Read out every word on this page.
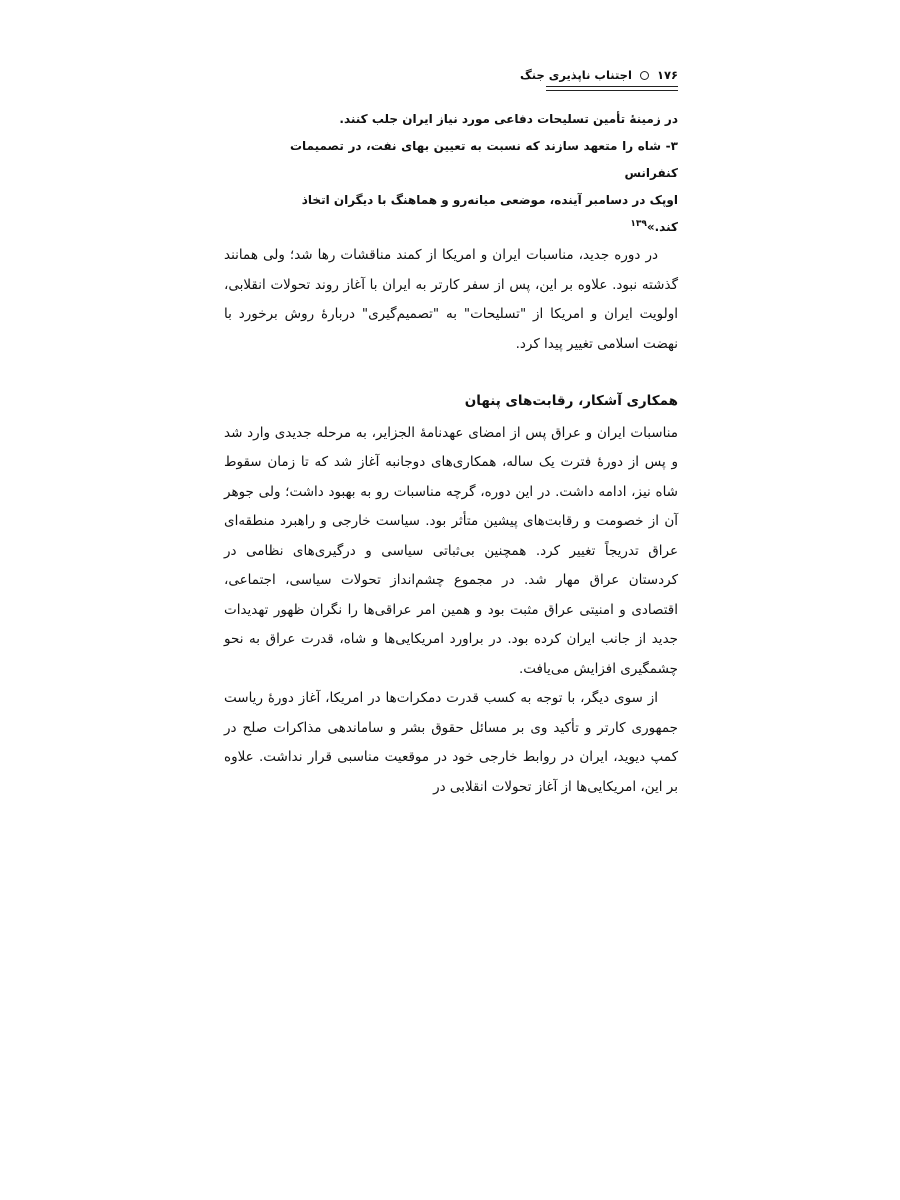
۱۷۶  اجتناب ناپذیری جنگ

در زمینهٔ تأمین تسلیحات دفاعی مورد نیاز ایران جلب کنند.

۳- شاه را متعهد سازند که نسبت به تعیین بهای نفت، در تصمیمات کنفرانس

اوپک در دسامبر آینده، موضعی میانه‌رو و هماهنگ با دیگران اتخاذ کند.»$^{۱۳۹}$

در دوره جدید، مناسبات ایران و امریکا از کمند مناقشات رها شد؛ ولی همانند گذشته نبود. علاوه بر این، پس از سفر کارتر به ایران با آغاز روند تحولات انقلابی، اولویت ایران و امریکا از "تسلیحات" به "تصمیم‌گیری" دربارهٔ روش برخورد با نهضت اسلامی تغییر پیدا کرد.

همکاری آشکار، رقابت‌های پنهان

مناسبات ایران و عراق پس از امضای عهدنامهٔ الجزایر، به مرحله جدیدی وارد شد و پس از دورهٔ فترت یک ساله، همکاری‌های دوجانبه آغاز شد که تا زمان سقوط شاه نیز، ادامه داشت. در این دوره، گرچه مناسبات رو به بهبود داشت؛ ولی جوهر آن از خصومت و رقابت‌های پیشین متأثر بود. سیاست خارجی و راهبرد منطقه‌ای عراق تدریجاً تغییر کرد. همچنین بی‌ثباتی سیاسی و درگیری‌های نظامی در کردستان عراق مهار شد. در مجموع چشم‌انداز تحولات سیاسی، اجتماعی، اقتصادی و امنیتی عراق مثبت بود و همین امر عراقی‌ها را نگران ظهور تهدیدات جدید از جانب ایران کرده بود. در براورد امریکایی‌ها و شاه، قدرت عراق به نحو چشمگیری افزایش می‌یافت.

از سوی دیگر، با توجه به کسب قدرت دمکرات‌ها در امریکا، آغاز دورهٔ ریاست جمهوری کارتر و تأکید وی بر مسائل حقوق بشر و ساماندهی مذاکرات صلح در کمپ دیوید، ایران در روابط خارجی خود در موقعیت مناسبی قرار نداشت. علاوه بر این، امریکایی‌ها از آغاز تحولات انقلابی در
